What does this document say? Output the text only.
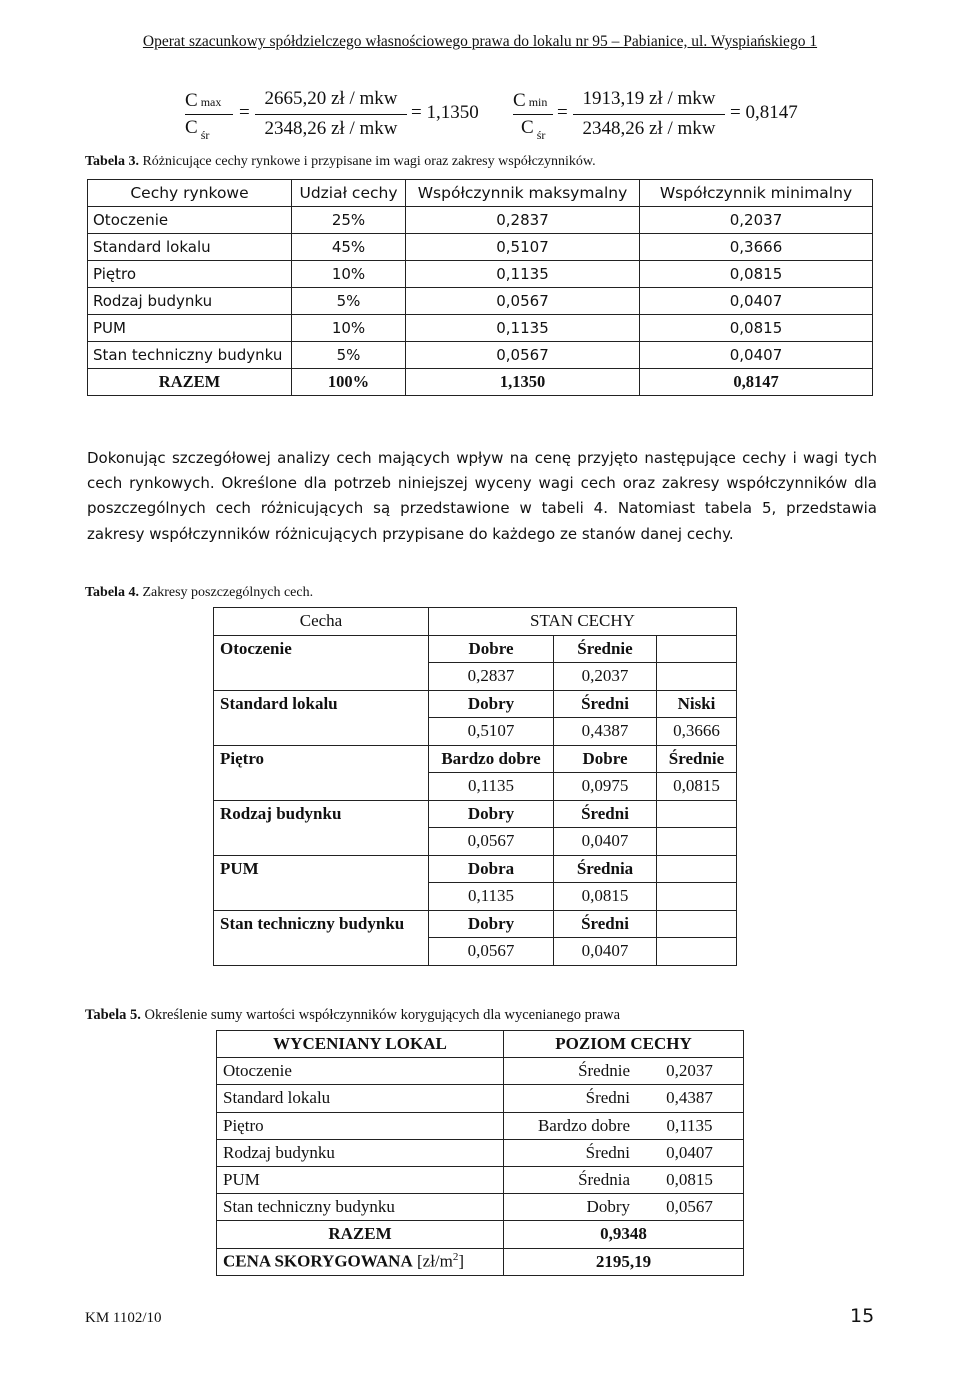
Operat szacunkowy spółdzielczego własnościowego prawa do lokalu nr 95 – Pabianice, ul. Wyspiańskiego 1
Cmax
C $_{śr}$
=
2665,20 zł / mkw
2348,26 zł / mkw
= 1,1350
Cmin
C $_{śr}$
=
1913,19 zł / mkw
2348,26 zł / mkw
= 0,8147
Tabela 3. Różnicujące cechy rynkowe i przypisane im wagi oraz zakresy współczynników.
Cechy rynkowe	Udział cechy	Współczynnik maksymalny	Współczynnik minimalny
Otoczenie	25%	0,2837	0,2037
Standard lokalu	45%	0,5107	0,3666
Piętro	10%	0,1135	0,0815
Rodzaj budynku	5%	0,0567	0,0407
PUM	10%	0,1135	0,0815
Stan techniczny budynku	5%	0,0567	0,0407
RAZEM	100%	1,1350	0,8147
Dokonując szczegółowej analizy cech mających wpływ na cenę przyjęto następujące cechy i wagi tych cech rynkowych. Określone dla potrzeb niniejszej wyceny wagi cech oraz zakresy współczynników dla poszczególnych cech różnicujących są przedstawione w tabeli 4. Natomiast tabela 5, przedstawia zakresy współczynników różnicujących przypisane do każdego ze stanów danej cechy.
Tabela 4. Zakresy poszczególnych cech.
Cecha	STAN CECHY		
Otoczenie	Dobre	Średnie	
	0,2837	0,2037	
Standard lokalu	Dobry	Średni	Niski
	0,5107	0,4387	0,3666
Piętro	Bardzo dobre	Dobre	Średnie
	0,1135	0,0975	0,0815
Rodzaj budynku	Dobry	Średni	
	0,0567	0,0407	
PUM	Dobra	Średnia	
	0,1135	0,0815	
Stan techniczny budynku	Dobry	Średni	
	0,0567	0,0407	
Tabela 5. Określenie sumy wartości współczynników korygujących dla wycenianego prawa
WYCENIANY LOKAL	POZIOM CECHY	
Otoczenie	Średnie	0,2037
Standard lokalu	Średni	0,4387
Piętro	Bardzo dobre	0,1135
Rodzaj budynku	Średni	0,0407
PUM	Średnia	0,0815
Stan techniczny budynku	Dobry	0,0567
RAZEM	0,9348	
CENA SKORYGOWANA $[zł/m^2]$	2195,19	
KM 1102/10	15
